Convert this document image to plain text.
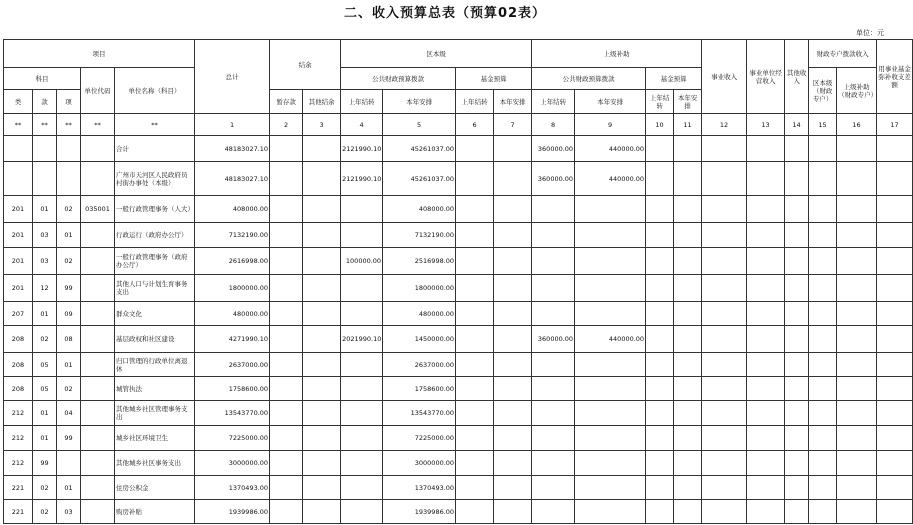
二、收入预算总表（预算02表）
单位：元
项目					总计	结余		区本级				上级补助				事业收入	事业单位经营收入	其他收入	财政专户拨款收入		用事业基金弥补收支差额
科目			单位代码	单位名称（科目）				公共财政预算拨款		基金预算		公共财政预算拨款		基金预算					区本级（财政专户）	上级补助（财政专户）	
类	款	项				暂存款	其他结余	上年结转	本年安排	上年结转	本年安排	上年结转	本年安排	上年结转	本年安排						

**	**	**	**	**	1	2	3	4	5	6	7	8	9	10	11	12	13	14	15	16	17
				合计	48183027.10			2121990.10	45261037.00			360000.00	440000.00								
				广州市天河区人民政府员村街办事处（本级）	48183027.10			2121990.10	45261037.00			360000.00	440000.00								
201	01	02	035001	一般行政管理事务（人大）	408000.00				408000.00												
201	03	01		行政运行（政府办公厅）	7132190.00				7132190.00												
201	03	02		一般行政管理事务（政府办公厅）	2616998.00			100000.00	2516998.00												
201	12	99		其他人口与计划生育事务支出	1800000.00				1800000.00												
207	01	09		群众文化	480000.00				480000.00												
208	02	08		基层政权和社区建设	4271990.10			2021990.10	1450000.00			360000.00	440000.00								
208	05	01		归口管理的行政单位离退休	2637000.00				2637000.00												
208	05	02		城管执法	1758600.00				1758600.00												
212	01	04		其他城乡社区管理事务支出	13543770.00				13543770.00												
212	01	99		城乡社区环境卫生	7225000.00				7225000.00												
212	99			其他城乡社区事务支出	3000000.00				3000000.00												
221	02	01		住房公积金	1370493.00				1370493.00												
221	02	03		购房补贴	1939986.00				1939986.00												
